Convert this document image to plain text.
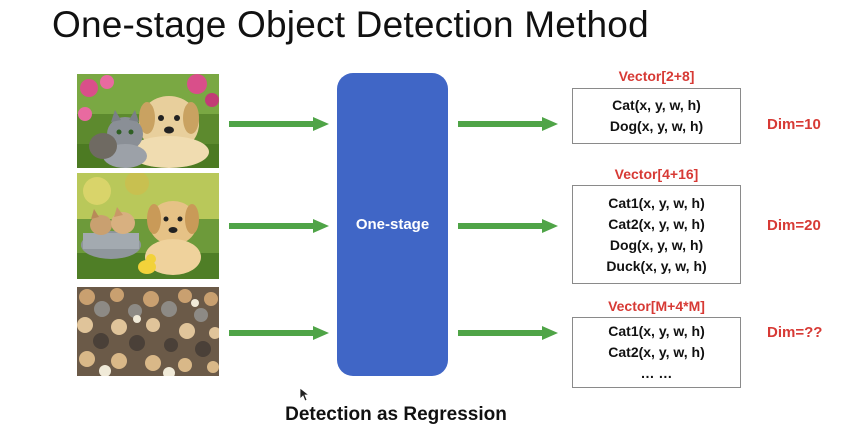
One-stage Object Detection Method
One-stage
Vector[2+8]
Cat(x, y, w, h)
Dog(x, y, w, h)	Dim=10
Vector[4+16]
Cat1(x, y, w, h)
Cat2(x, y, w, h)
Dog(x, y, w, h)
Duck(x, y, w, h)
Dim=20
Vector[M+4*M]
Cat1(x, y, w, h)
Cat2(x, y, w, h)
… …
Dim=??
Detection as Regression
